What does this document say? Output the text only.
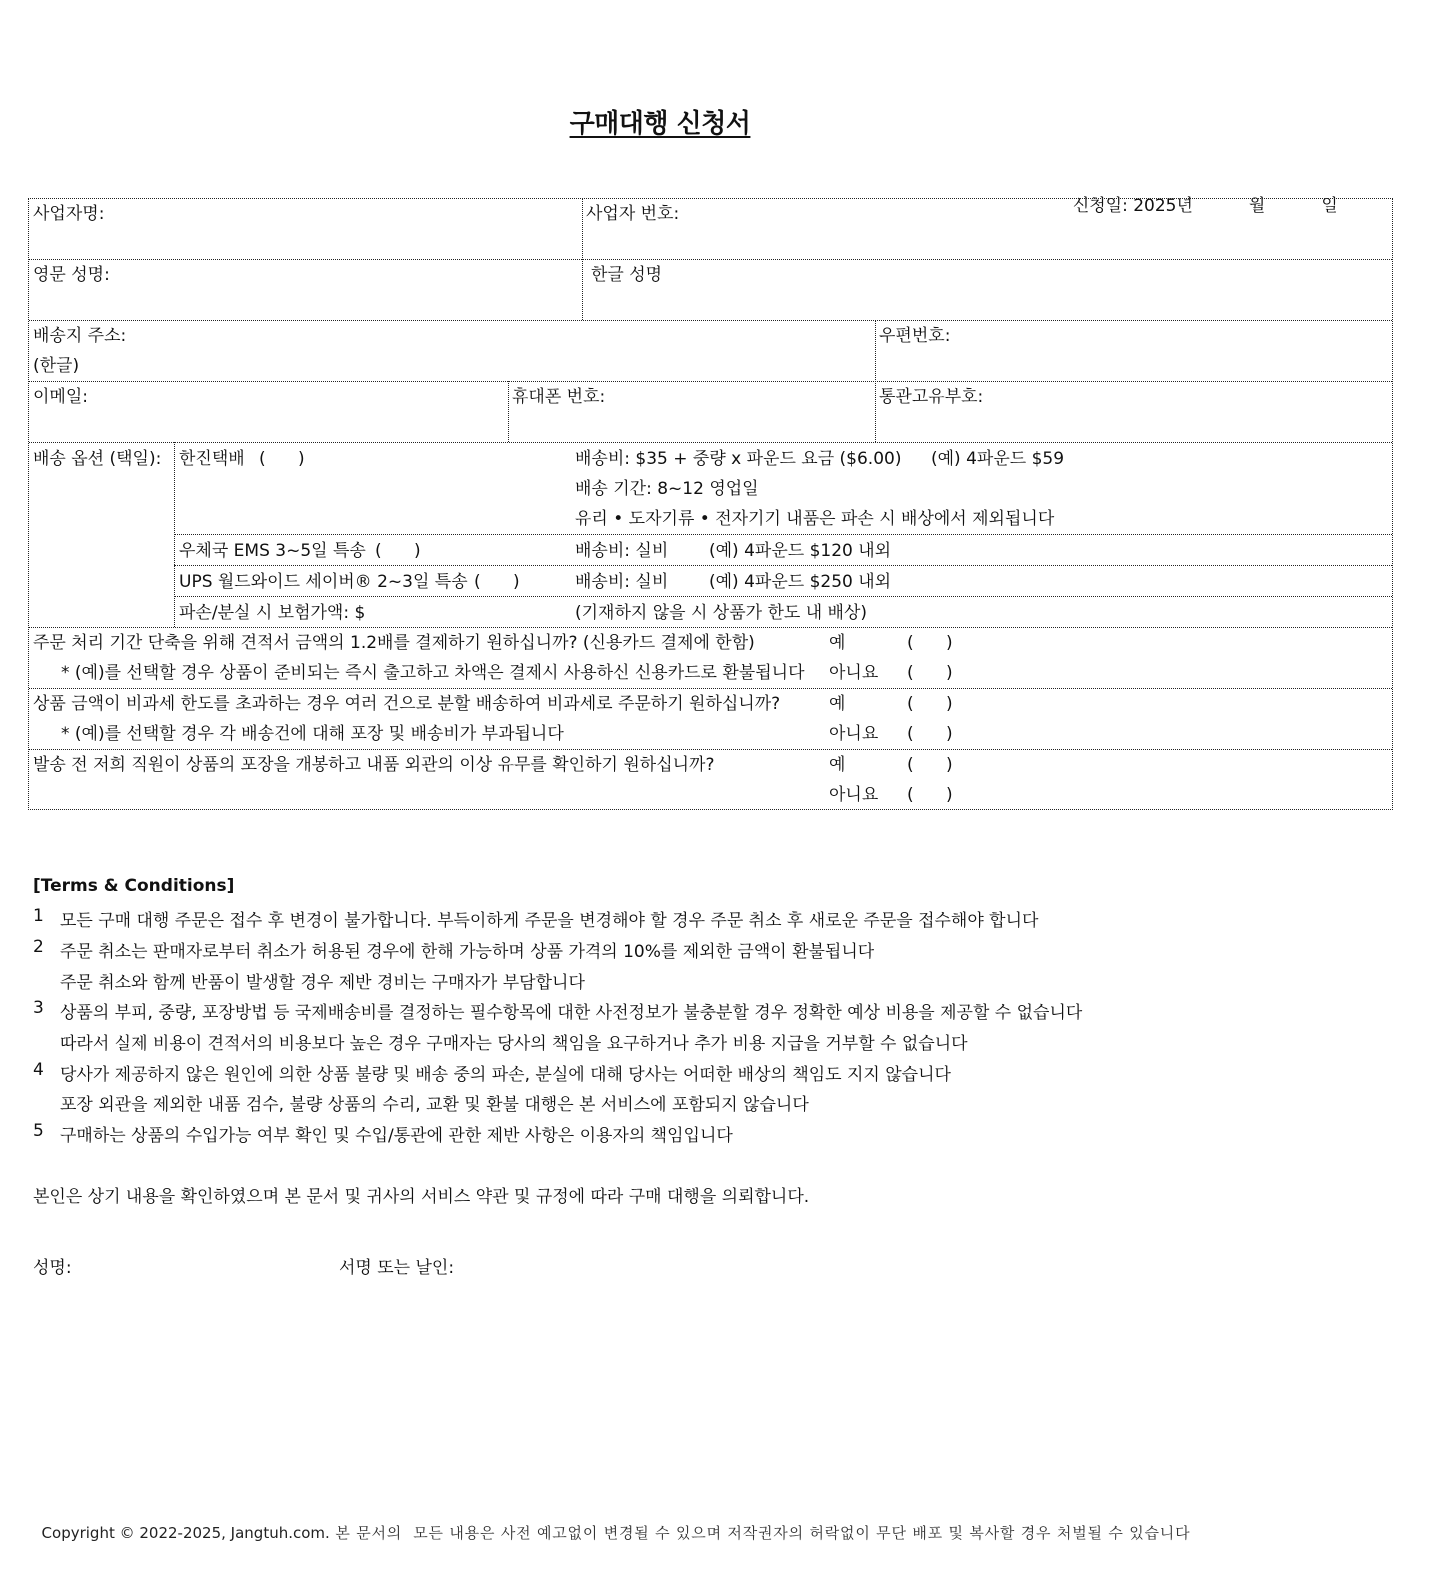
구매대행 신청서

신청일: 2025년	월	일

사업자명:	사업자 번호:
영문 성명:	한글 성명
배송지 주소:
(한글)
우편번호:
이메일:	휴대폰 번호:	통관고유부호:
배송 옵션 (택일): 한진택배 (      )	배송비: $35 + 중량 x 파운드 요금 ($6.00) (예) 4파운드 $59
배송 기간: 8~12 영업일
유리 • 도자기류 • 전자기기 내품은 파손 시 배상에서 제외됩니다
우체국 EMS 3~5일 특송 (      )	배송비: 실비 (예) 4파운드 $120 내외
UPS 월드와이드 세이버® 2~3일 특송 (      )	배송비: 실비 (예) 4파운드 $250 내외
파손/분실 시 보험가액: $	(기재하지 않을 시 상품가 한도 내 배상)
주문 처리 기간 단축을 위해 견적서 금액의 1.2배를 결제하기 원하십니까? (신용카드 결제에 한함)
* (예)를 선택할 경우 상품이 준비되는 즉시 출고하고 차액은 결제시 사용하신 신용카드로 환불됩니다
예	(      )
아니요 (      )
상품 금액이 비과세 한도를 초과하는 경우 여러 건으로 분할 배송하여 비과세로 주문하기 원하십니까?
* (예)를 선택할 경우 각 배송건에 대해 포장 및 배송비가 부과됩니다
예	(      )
아니요 (      )
발송 전 저희 직원이 상품의 포장을 개봉하고 내품 외관의 이상 유무를 확인하기 원하십니까?	예	(      )
아니요 (      )
[Terms & Conditions]
1 모든 구매 대행 주문은 접수 후 변경이 불가합니다. 부득이하게 주문을 변경해야 할 경우 주문 취소 후 새로운 주문을 접수해야 합니다
2 주문 취소는 판매자로부터 취소가 허용된 경우에 한해 가능하며 상품 가격의 10%를 제외한 금액이 환불됩니다
주문 취소와 함께 반품이 발생할 경우 제반 경비는 구매자가 부담합니다
3 상품의 부피, 중량, 포장방법 등 국제배송비를 결정하는 필수항목에 대한 사전정보가 불충분할 경우 정확한 예상 비용을 제공할 수 없습니다
따라서 실제 비용이 견적서의 비용보다 높은 경우 구매자는 당사의 책임을 요구하거나 추가 비용 지급을 거부할 수 없습니다
4 당사가 제공하지 않은 원인에 의한 상품 불량 및 배송 중의 파손, 분실에 대해 당사는 어떠한 배상의 책임도 지지 않습니다
포장 외관을 제외한 내품 검수, 불량 상품의 수리, 교환 및 환불 대행은 본 서비스에 포함되지 않습니다
5 구매하는 상품의 수입가능 여부 확인 및 수입/통관에 관한 제반 사항은 이용자의 책임입니다
본인은 상기 내용을 확인하였으며 본 문서 및 귀사의 서비스 약관 및 규정에 따라 구매 대행을 의뢰합니다.
성명:	서명 또는 날인:

Copyright © 2022-2025, Jangtuh.com. 본 문서의  모든 내용은 사전 예고없이 변경될 수 있으며 저작권자의 허락없이 무단 배포 및 복사할 경우 처벌될 수 있습니다
